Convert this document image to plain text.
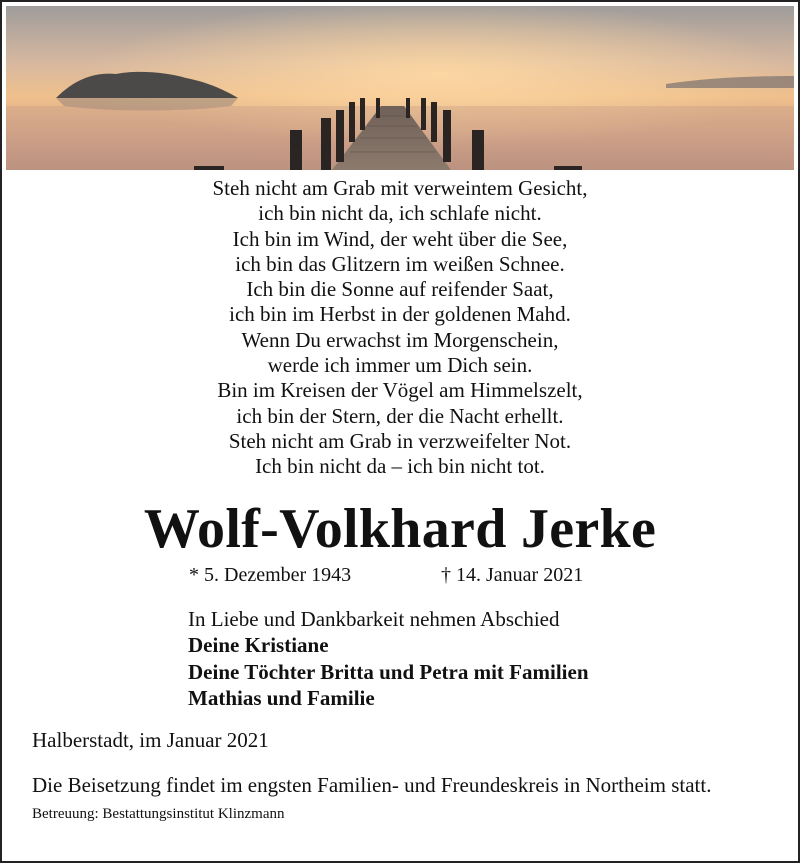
Steh nicht am Grab mit verweintem Gesicht,
ich bin nicht da, ich schlafe nicht.
Ich bin im Wind, der weht über die See,
ich bin das Glitzern im weißen Schnee.
Ich bin die Sonne auf reifender Saat,
ich bin im Herbst in der goldenen Mahd.
Wenn Du erwachst im Morgenschein,
werde ich immer um Dich sein.
Bin im Kreisen der Vögel am Himmelszelt,
ich bin der Stern, der die Nacht erhellt.
Steh nicht am Grab in verzweifelter Not.
Ich bin nicht da – ich bin nicht tot.
Wolf-Volkhard Jerke
* 5. Dezember 1943	† 14. Januar 2021
In Liebe und Dankbarkeit nehmen Abschied
Deine Kristiane
Deine Töchter Britta und Petra mit Familien
Mathias und Familie
Halberstadt, im Januar 2021
Die Beisetzung findet im engsten Familien- und Freundeskreis in Northeim statt.
Betreuung: Bestattungsinstitut Klinzmann
